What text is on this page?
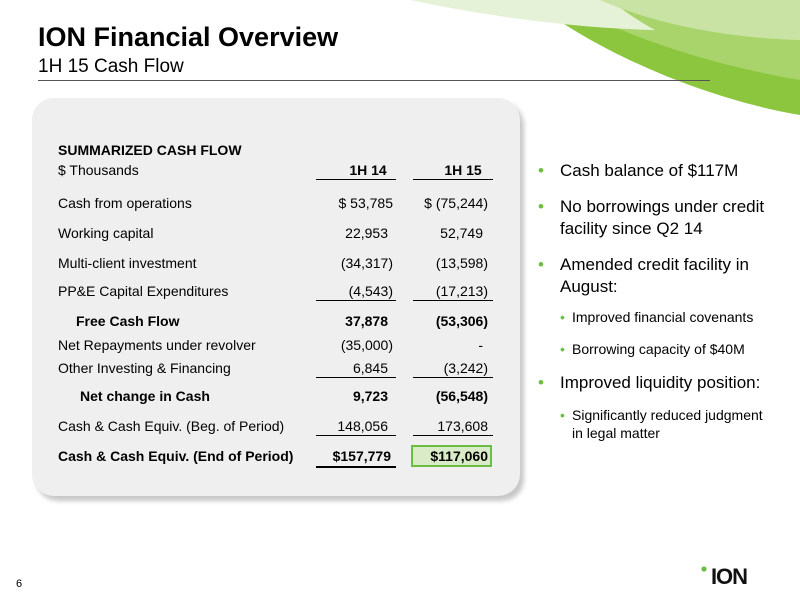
ION Financial Overview
1H 15 Cash Flow
SUMMARIZED CASH FLOW
$ Thousands	1H 14	1H 15
Cash from operations	$ 53,785	$ (75,244)
Working capital	22,953	52,749
Multi-client investment	(34,317)	(13,598)
PP&E Capital Expenditures	(4,543)	(17,213)
Free Cash Flow	37,878	(53,306)
Net Repayments under revolver	(35,000)	-
Other Investing & Financing	6,845	(3,242)
Net change in Cash	9,723	(56,548)
Cash & Cash Equiv. (Beg. of Period)	148,056	173,608
Cash & Cash Equiv. (End of Period)	$157,779	$117,060
• Cash balance of $117M
• No borrowings under credit facility since Q2 14
• Amended credit facility in August:
• Improved financial covenants
• Borrowing capacity of $40M
• Improved liquidity position:
• Significantly reduced judgment in legal matter
6	ION
